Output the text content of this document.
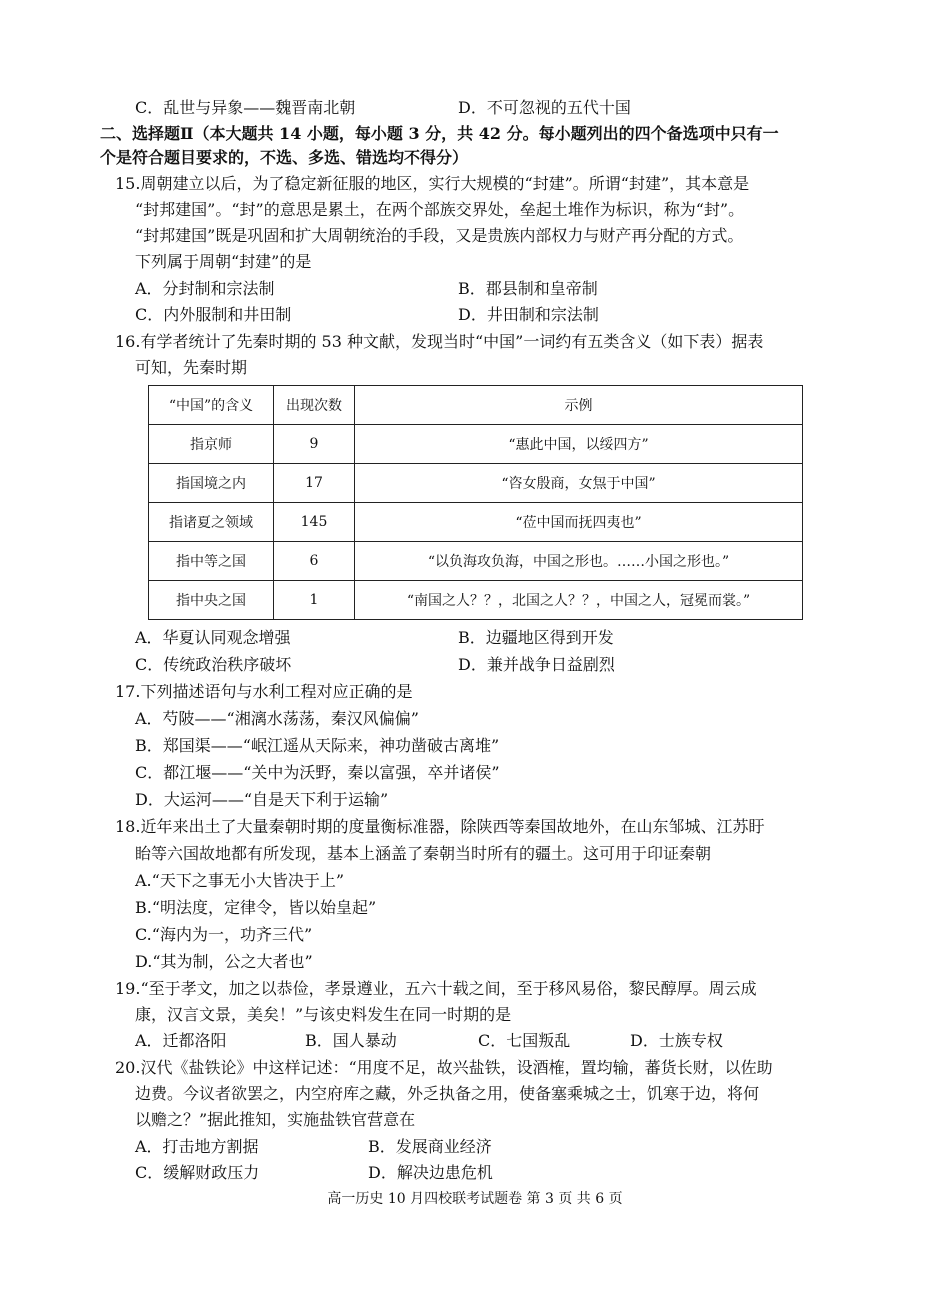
C．乱世与异象——魏晋南北朝	D．不可忽视的五代十国
二、选择题Ⅱ（本大题共 14 小题，每小题 3 分，共 42 分。每小题列出的四个备选项中只有一
个是符合题目要求的，不选、多选、错选均不得分）
15.周朝建立以后，为了稳定新征服的地区，实行大规模的“封建”。所谓“封建”，其本意是
“封邦建国”。“封”的意思是累土，在两个部族交界处，垒起土堆作为标识，称为“封”。
“封邦建国”既是巩固和扩大周朝统治的手段，又是贵族内部权力与财产再分配的方式。
下列属于周朝“封建”的是
A．分封制和宗法制	B．郡县制和皇帝制
C．内外服制和井田制	D．井田制和宗法制
16.有学者统计了先秦时期的 53 种文献，发现当时“中国”一词约有五类含义（如下表）据表
可知，先秦时期
“中国”的含义	出现次数	示例
指京师	9	“惠此中国，以绥四方”
指国境之内	17	“咨女殷商，女炰于中国”
指诸夏之领域	145	“莅中国而抚四夷也”
指中等之国	6	“以负海攻负海，中国之形也。……小国之形也。”
指中央之国	1	“南国之人？？，北国之人？？，中国之人，冠冕而裳。”
A．华夏认同观念增强	B．边疆地区得到开发
C．传统政治秩序破坏	D．兼并战争日益剧烈
17.下列描述语句与水利工程对应正确的是
A．芍陂——“湘漓水荡荡，秦汉风偏偏”
B．郑国渠——“岷江遥从天际来，神功凿破古离堆”
C．都江堰——“关中为沃野，秦以富强，卒并诸侯”
D．大运河——“自是天下利于运输”
18.近年来出土了大量秦朝时期的度量衡标准器，除陕西等秦国故地外，在山东邹城、江苏盱
眙等六国故地都有所发现，基本上涵盖了秦朝当时所有的疆土。这可用于印证秦朝
A.“天下之事无小大皆决于上”
B.“明法度，定律令，皆以始皇起”
C.“海内为一，功齐三代”
D.“其为制，公之大者也”
19.“至于孝文，加之以恭俭，孝景遵业，五六十载之间，至于移风易俗，黎民醇厚。周云成
康，汉言文景，美矣！”与该史料发生在同一时期的是
A．迁都洛阳	B．国人暴动	C．七国叛乱	D．士族专权
20.汉代《盐铁论》中这样记述：“用度不足，故兴盐铁，设酒榷，置均输，蕃货长财，以佐助
边费。今议者欲罢之，内空府库之藏，外乏执备之用，使备塞乘城之士，饥寒于边，将何
以赡之？”据此推知，实施盐铁官营意在
A．打击地方割据	B．发展商业经济
C．缓解财政压力	D．解决边患危机
高一历史 10 月四校联考试题卷 第 3 页 共 6 页
